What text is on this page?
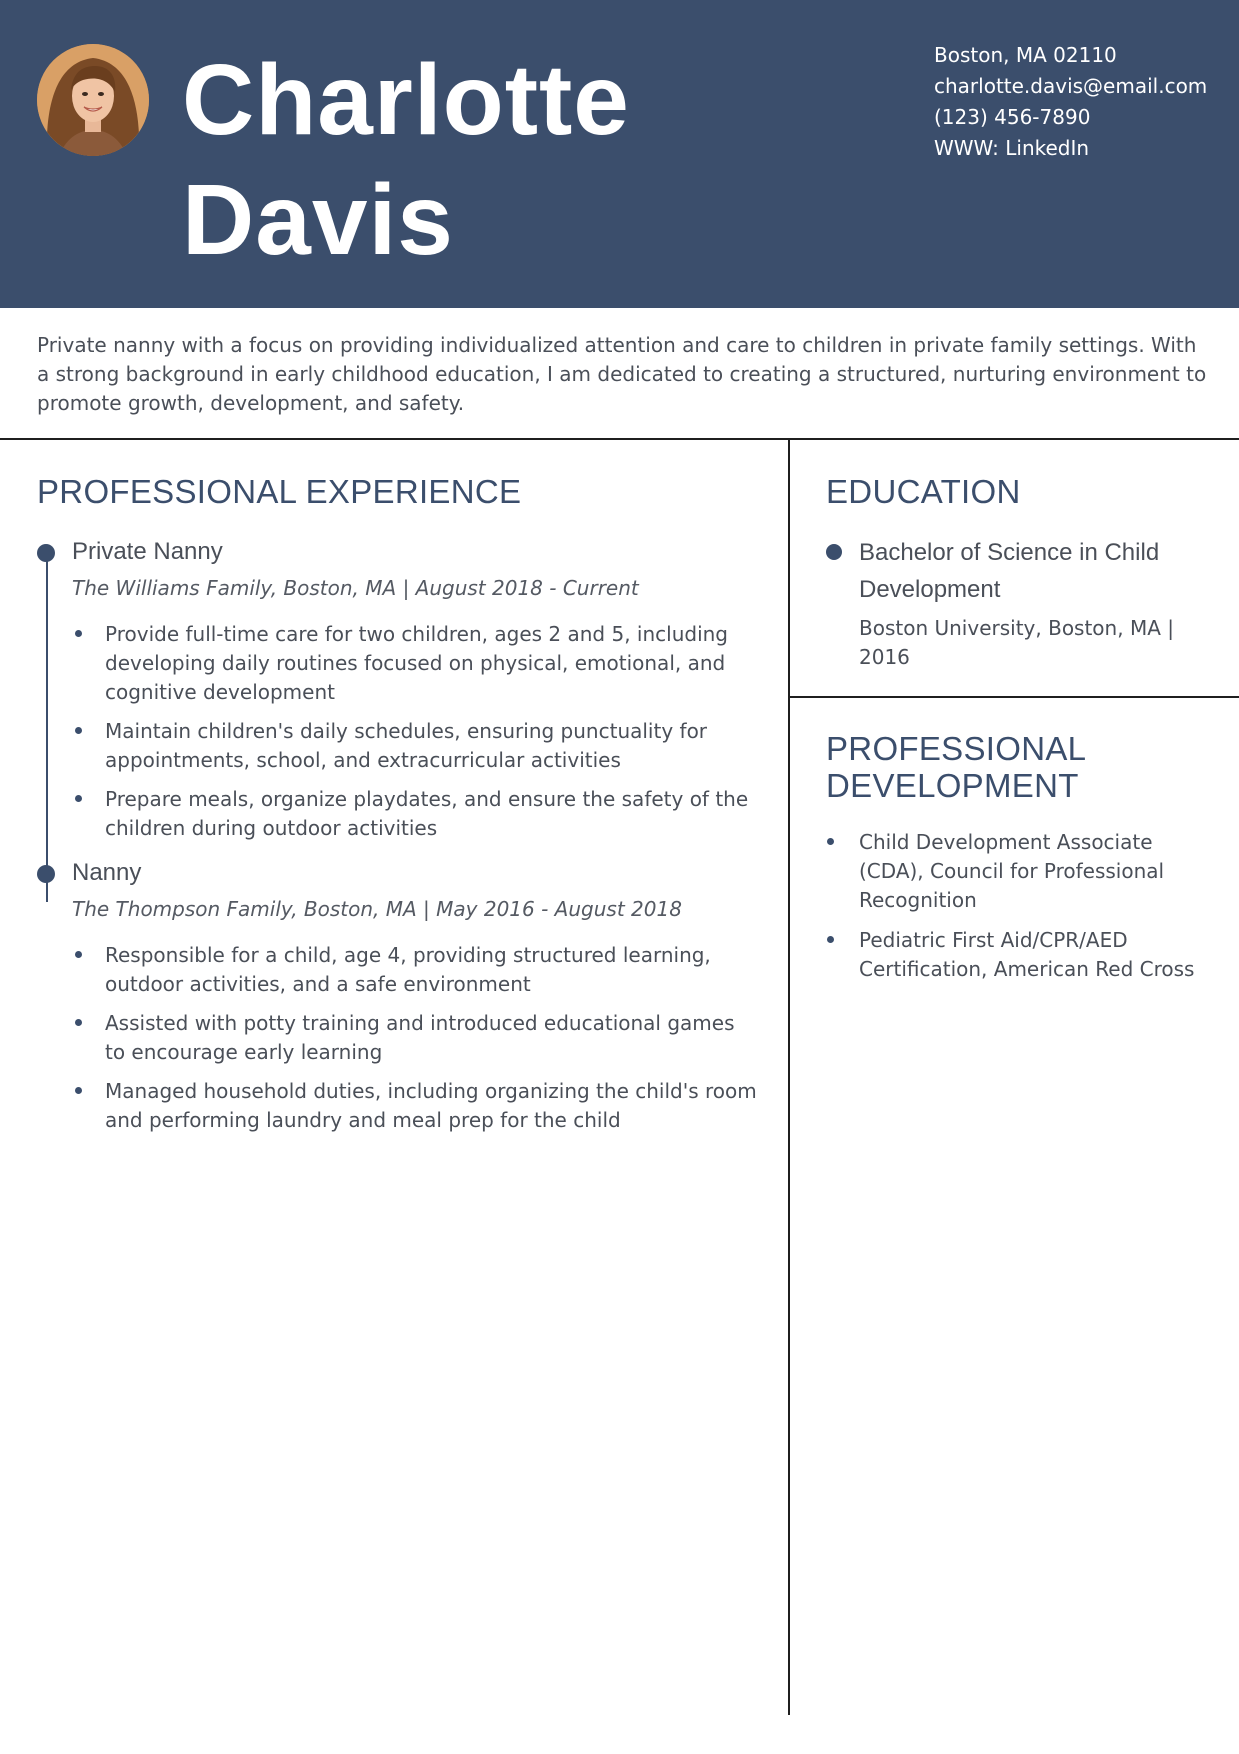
Charlotte
Davis
Boston, MA 02110
charlotte.davis@email.com
(123) 456-7890
WWW: LinkedIn
Private nanny with a focus on providing individualized attention and care to children in private family settings. With a strong background in early childhood education, I am dedicated to creating a structured, nurturing environment to promote growth, development, and safety.
PROFESSIONAL EXPERIENCE
Private Nanny
The Williams Family, Boston, MA | August 2018 - Current
Provide full-time care for two children, ages 2 and 5, including developing daily routines focused on physical, emotional, and cognitive development
Maintain children's daily schedules, ensuring punctuality for appointments, school, and extracurricular activities
Prepare meals, organize playdates, and ensure the safety of the children during outdoor activities
Nanny
The Thompson Family, Boston, MA | May 2016 - August 2018
Responsible for a child, age 4, providing structured learning, outdoor activities, and a safe environment
Assisted with potty training and introduced educational games to encourage early learning
Managed household duties, including organizing the child's room and performing laundry and meal prep for the child
EDUCATION
Bachelor of Science in Child Development
Boston University, Boston, MA | 2016
PROFESSIONAL
DEVELOPMENT
Child Development Associate (CDA), Council for Professional Recognition
Pediatric First Aid/CPR/AED Certification, American Red Cross
